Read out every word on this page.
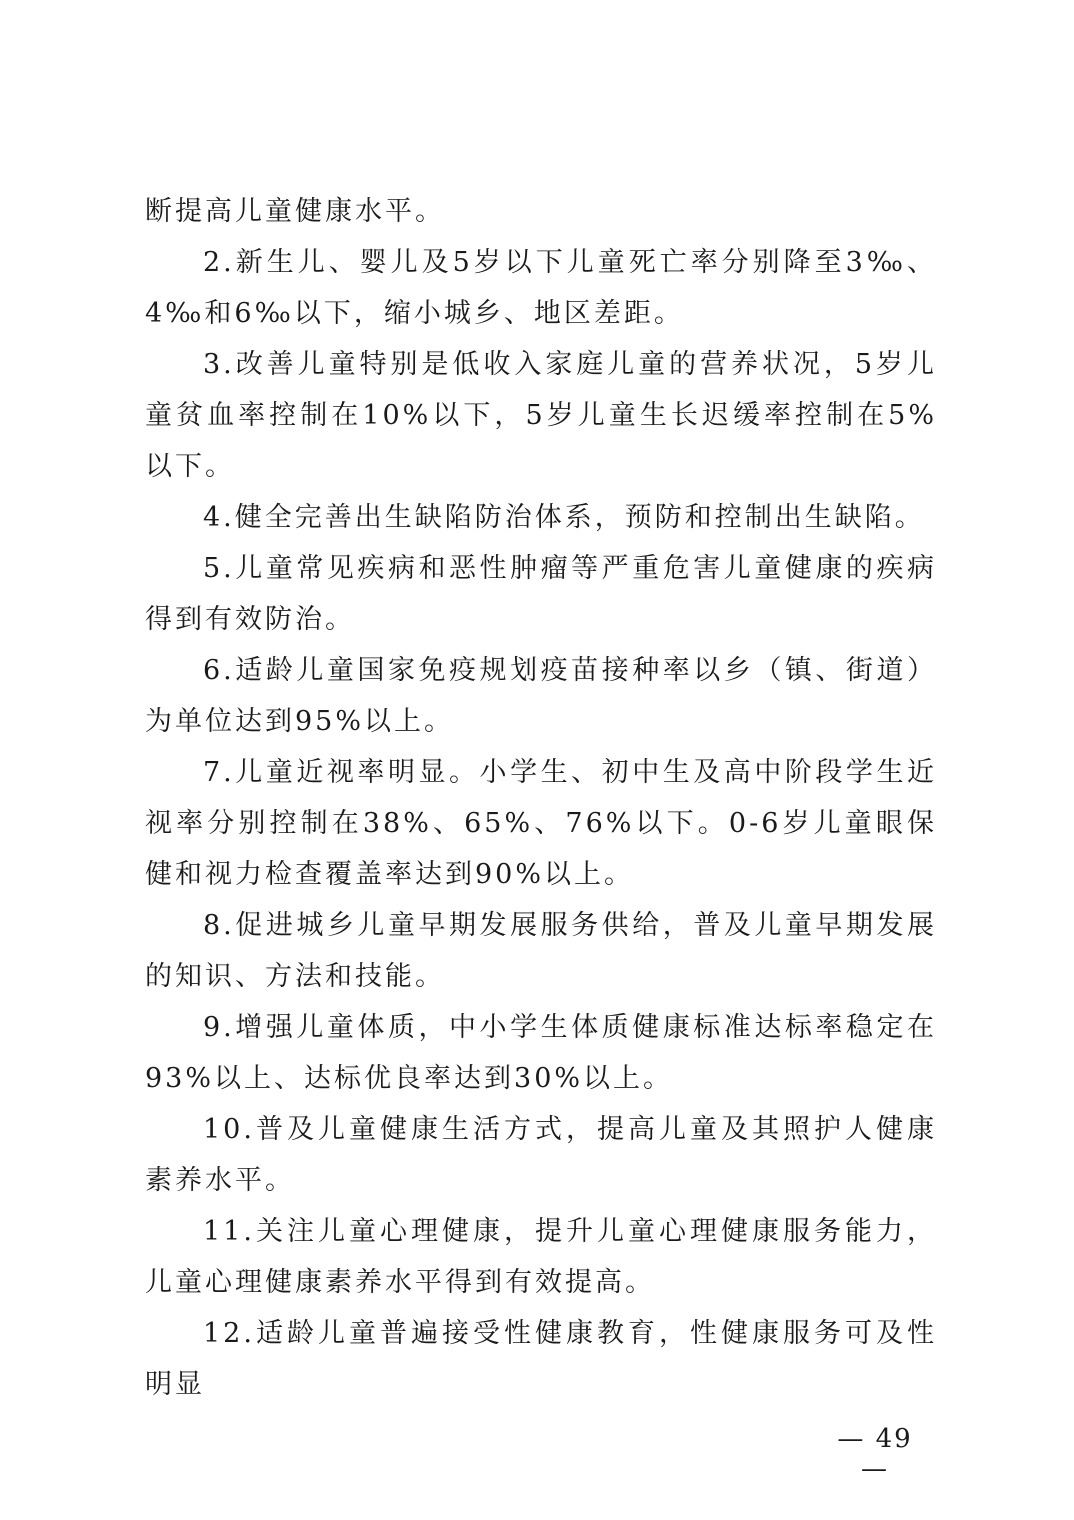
断提高儿童健康水平。

2.新生儿、婴儿及5岁以下儿童死亡率分别降至3‰、4‰和6‰以下，缩小城乡、地区差距。

3.改善儿童特别是低收入家庭儿童的营养状况，5岁儿童贫血率控制在10%以下，5岁儿童生长迟缓率控制在5%以下。

4.健全完善出生缺陷防治体系，预防和控制出生缺陷。

5.儿童常见疾病和恶性肿瘤等严重危害儿童健康的疾病得到有效防治。

6.适龄儿童国家免疫规划疫苗接种率以乡（镇、街道）为单位达到95%以上。

7.儿童近视率明显。小学生、初中生及高中阶段学生近视率分别控制在38%、65%、76%以下。0-6岁儿童眼保健和视力检查覆盖率达到90%以上。

8.促进城乡儿童早期发展服务供给，普及儿童早期发展的知识、方法和技能。

9.增强儿童体质，中小学生体质健康标准达标率稳定在93%以上、达标优良率达到30%以上。

10.普及儿童健康生活方式，提高儿童及其照护人健康素养水平。

11.关注儿童心理健康，提升儿童心理健康服务能力，儿童心理健康素养水平得到有效提高。

12.适龄儿童普遍接受性健康教育，性健康服务可及性明显

— 49 —
